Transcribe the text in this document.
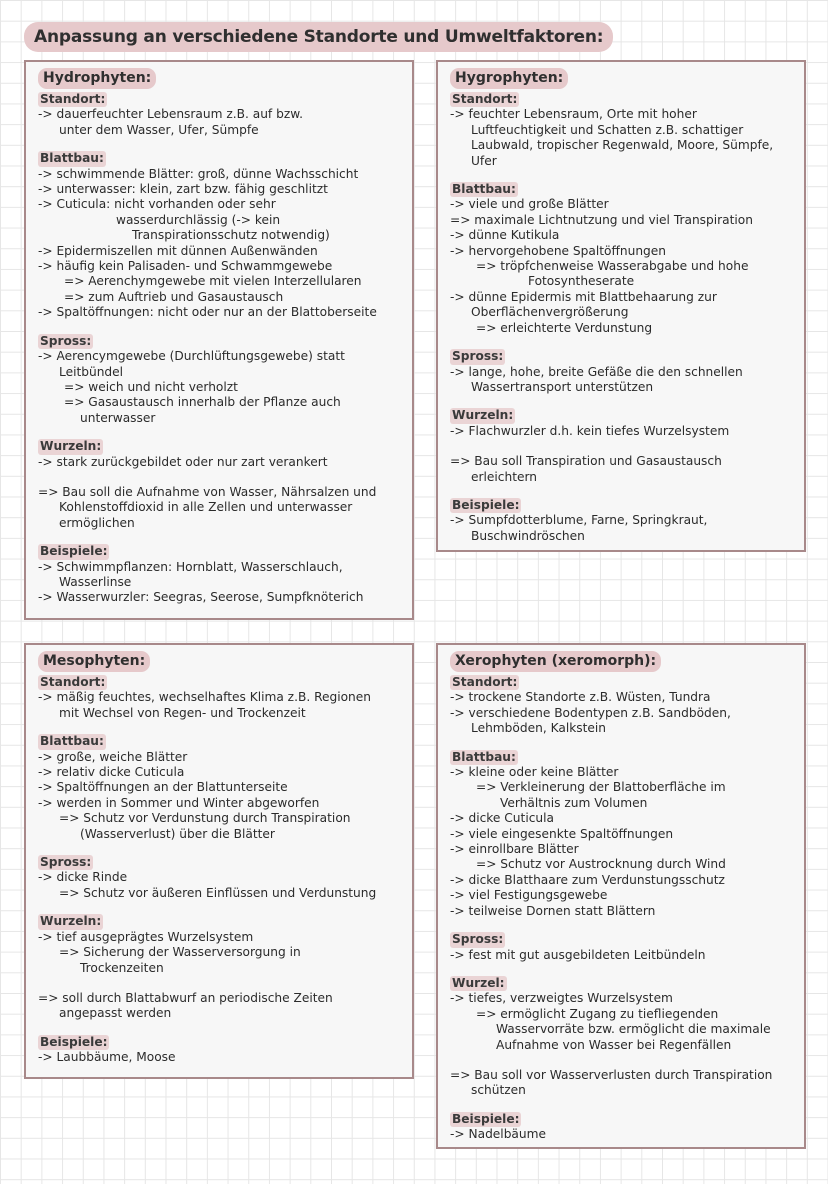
Anpassung an verschiedene Standorte und Umweltfaktoren:
Hydrophyten:
Standort:
-> dauerfeuchter Lebensraum z.B. auf bzw.
unter dem Wasser, Ufer, Sümpfe
Blattbau:
-> schwimmende Blätter: groß, dünne Wachsschicht
-> unterwasser: klein, zart bzw. fähig geschlitzt
-> Cuticula: nicht vorhanden oder sehr
wasserdurchlässig (-> kein
Transpirationsschutz notwendig)
-> Epidermiszellen mit dünnen Außenwänden
-> häufig kein Palisaden- und Schwammgewebe
=> Aerenchymgewebe mit vielen Interzellularen
=> zum Auftrieb und Gasaustausch
-> Spaltöffnungen: nicht oder nur an der Blattoberseite
Spross:
-> Aerencymgewebe (Durchlüftungsgewebe) statt
Leitbündel
=> weich und nicht verholzt
=> Gasaustausch innerhalb der Pflanze auch
unterwasser
Wurzeln:
-> stark zurückgebildet oder nur zart verankert
=> Bau soll die Aufnahme von Wasser, Nährsalzen und
Kohlenstoffdioxid in alle Zellen und unterwasser
ermöglichen
Beispiele:
-> Schwimmpflanzen: Hornblatt, Wasserschlauch,
Wasserlinse
-> Wasserwurzler: Seegras, Seerose, Sumpfknöterich
Hygrophyten:
Standort:
-> feuchter Lebensraum, Orte mit hoher
Luftfeuchtigkeit und Schatten z.B. schattiger
Laubwald, tropischer Regenwald, Moore, Sümpfe,
Ufer
Blattbau:
-> viele und große Blätter
=> maximale Lichtnutzung und viel Transpiration
-> dünne Kutikula
-> hervorgehobene Spaltöffnungen
=> tröpfchenweise Wasserabgabe und hohe
Fotosyntheserate
-> dünne Epidermis mit Blattbehaarung zur
Oberflächenvergrößerung
=> erleichterte Verdunstung
Spross:
-> lange, hohe, breite Gefäße die den schnellen
Wassertransport unterstützen
Wurzeln:
-> Flachwurzler d.h. kein tiefes Wurzelsystem
=> Bau soll Transpiration und Gasaustausch
erleichtern
Beispiele:
-> Sumpfdotterblume, Farne, Springkraut,
Buschwindröschen
Mesophyten:
Standort:
-> mäßig feuchtes, wechselhaftes Klima z.B. Regionen
mit Wechsel von Regen- und Trockenzeit
Blattbau:
-> große, weiche Blätter
-> relativ dicke Cuticula
-> Spaltöffnungen an der Blattunterseite
-> werden in Sommer und Winter abgeworfen
=> Schutz vor Verdunstung durch Transpiration
(Wasserverlust) über die Blätter
Spross:
-> dicke Rinde
=> Schutz vor äußeren Einflüssen und Verdunstung
Wurzeln:
-> tief ausgeprägtes Wurzelsystem
=> Sicherung der Wasserversorgung in
Trockenzeiten
=> soll durch Blattabwurf an periodische Zeiten
angepasst werden
Beispiele:
-> Laubbäume, Moose
Xerophyten (xeromorph):
Standort:
-> trockene Standorte z.B. Wüsten, Tundra
-> verschiedene Bodentypen z.B. Sandböden,
Lehmböden, Kalkstein
Blattbau:
-> kleine oder keine Blätter
=> Verkleinerung der Blattoberfläche im
Verhältnis zum Volumen
-> dicke Cuticula
-> viele eingesenkte Spaltöffnungen
-> einrollbare Blätter
=> Schutz vor Austrocknung durch Wind
-> dicke Blatthaare zum Verdunstungsschutz
-> viel Festigungsgewebe
-> teilweise Dornen statt Blättern
Spross:
-> fest mit gut ausgebildeten Leitbündeln
Wurzel:
-> tiefes, verzweigtes Wurzelsystem
=> ermöglicht Zugang zu tiefliegenden
Wasservorräte bzw. ermöglicht die maximale
Aufnahme von Wasser bei Regenfällen
=> Bau soll vor Wasserverlusten durch Transpiration
schützen
Beispiele:
-> Nadelbäume
